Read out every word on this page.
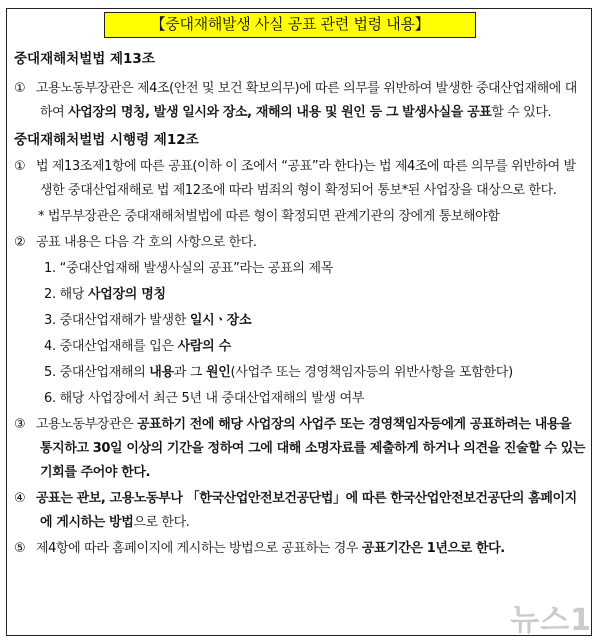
【중대재해발생 사실 공표 관련 법령 내용】

중대재해처벌법 제13조

① 고용노동부장관은 제4조(안전 및 보건 확보의무)에 따른 의무를 위반하여 발생한 중대산업재해에 대하여 사업장의 명칭, 발생 일시와 장소, 재해의 내용 및 원인 등 그 발생사실을 공표할 수 있다.

중대재해처벌법 시행령 제12조

① 법 제13조제1항에 따른 공표(이하 이 조에서 “공표”라 한다)는 법 제4조에 따른 의무를 위반하여 발생한 중대산업재해로 법 제12조에 따라 범죄의 형이 확정되어 통보*된 사업장을 대상으로 한다.

* 법무부장관은 중대재해처벌법에 따른 형이 확정되면 관계기관의 장에게 통보해야함

② 공표 내용은 다음 각 호의 사항으로 한다.

1. “중대산업재해 발생사실의 공표”라는 공표의 제목

2. 해당 사업장의 명칭

3. 중대산업재해가 발생한 일시ㆍ장소

4. 중대산업재해를 입은 사람의 수

5. 중대산업재해의 내용과 그 원인(사업주 또는 경영책임자등의 위반사항을 포함한다)

6. 해당 사업장에서 최근 5년 내 중대산업재해의 발생 여부

③ 고용노동부장관은 공표하기 전에 해당 사업장의 사업주 또는 경영책임자등에게 공표하려는 내용을 통지하고 30일 이상의 기간을 정하여 그에 대해 소명자료를 제출하게 하거나 의견을 진술할 수 있는 기회를 주어야 한다.

④ 공표는 관보, 고용노동부나 「한국산업안전보건공단법」에 따른 한국산업안전보건공단의 홈페이지에 게시하는 방법으로 한다.

⑤ 제4항에 따라 홈페이지에 게시하는 방법으로 공표하는 경우 공표기간은 1년으로 한다.

뉴스1
